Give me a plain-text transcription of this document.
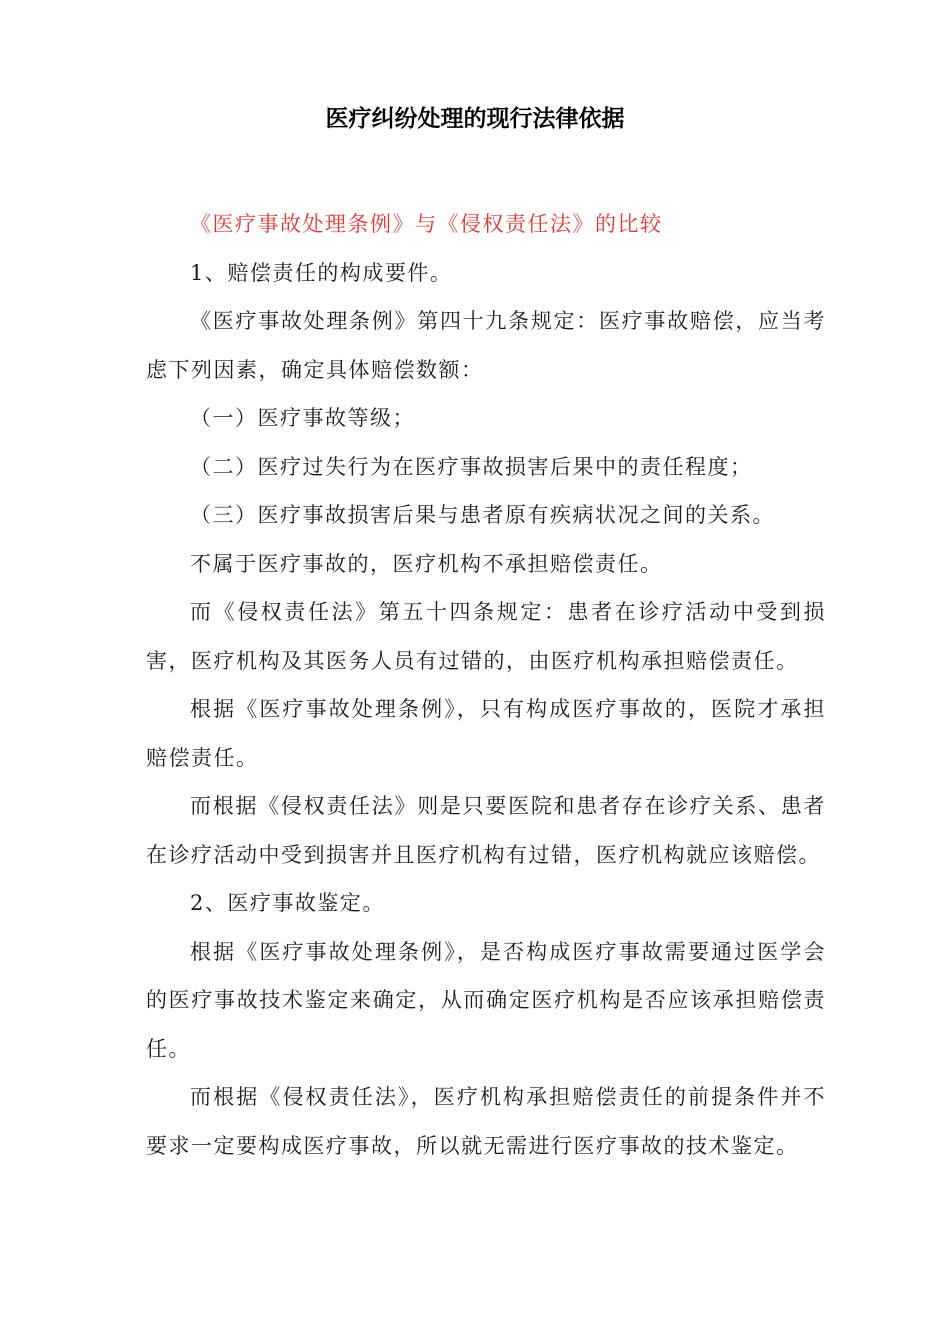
医疗纠纷处理的现行法律依据

《医疗事故处理条例》与《侵权责任法》的比较

1、赔偿责任的构成要件。

《医疗事故处理条例》第四十九条规定：医疗事故赔偿，应当考虑下列因素，确定具体赔偿数额：

（一）医疗事故等级；

（二）医疗过失行为在医疗事故损害后果中的责任程度；

（三）医疗事故损害后果与患者原有疾病状况之间的关系。

不属于医疗事故的，医疗机构不承担赔偿责任。

而《侵权责任法》第五十四条规定：患者在诊疗活动中受到损害，医疗机构及其医务人员有过错的，由医疗机构承担赔偿责任。

根据《医疗事故处理条例》，只有构成医疗事故的，医院才承担赔偿责任。

而根据《侵权责任法》则是只要医院和患者存在诊疗关系、患者在诊疗活动中受到损害并且医疗机构有过错，医疗机构就应该赔偿。

2、医疗事故鉴定。

根据《医疗事故处理条例》，是否构成医疗事故需要通过医学会的医疗事故技术鉴定来确定，从而确定医疗机构是否应该承担赔偿责任。

而根据《侵权责任法》，医疗机构承担赔偿责任的前提条件并不要求一定要构成医疗事故，所以就无需进行医疗事故的技术鉴定。
